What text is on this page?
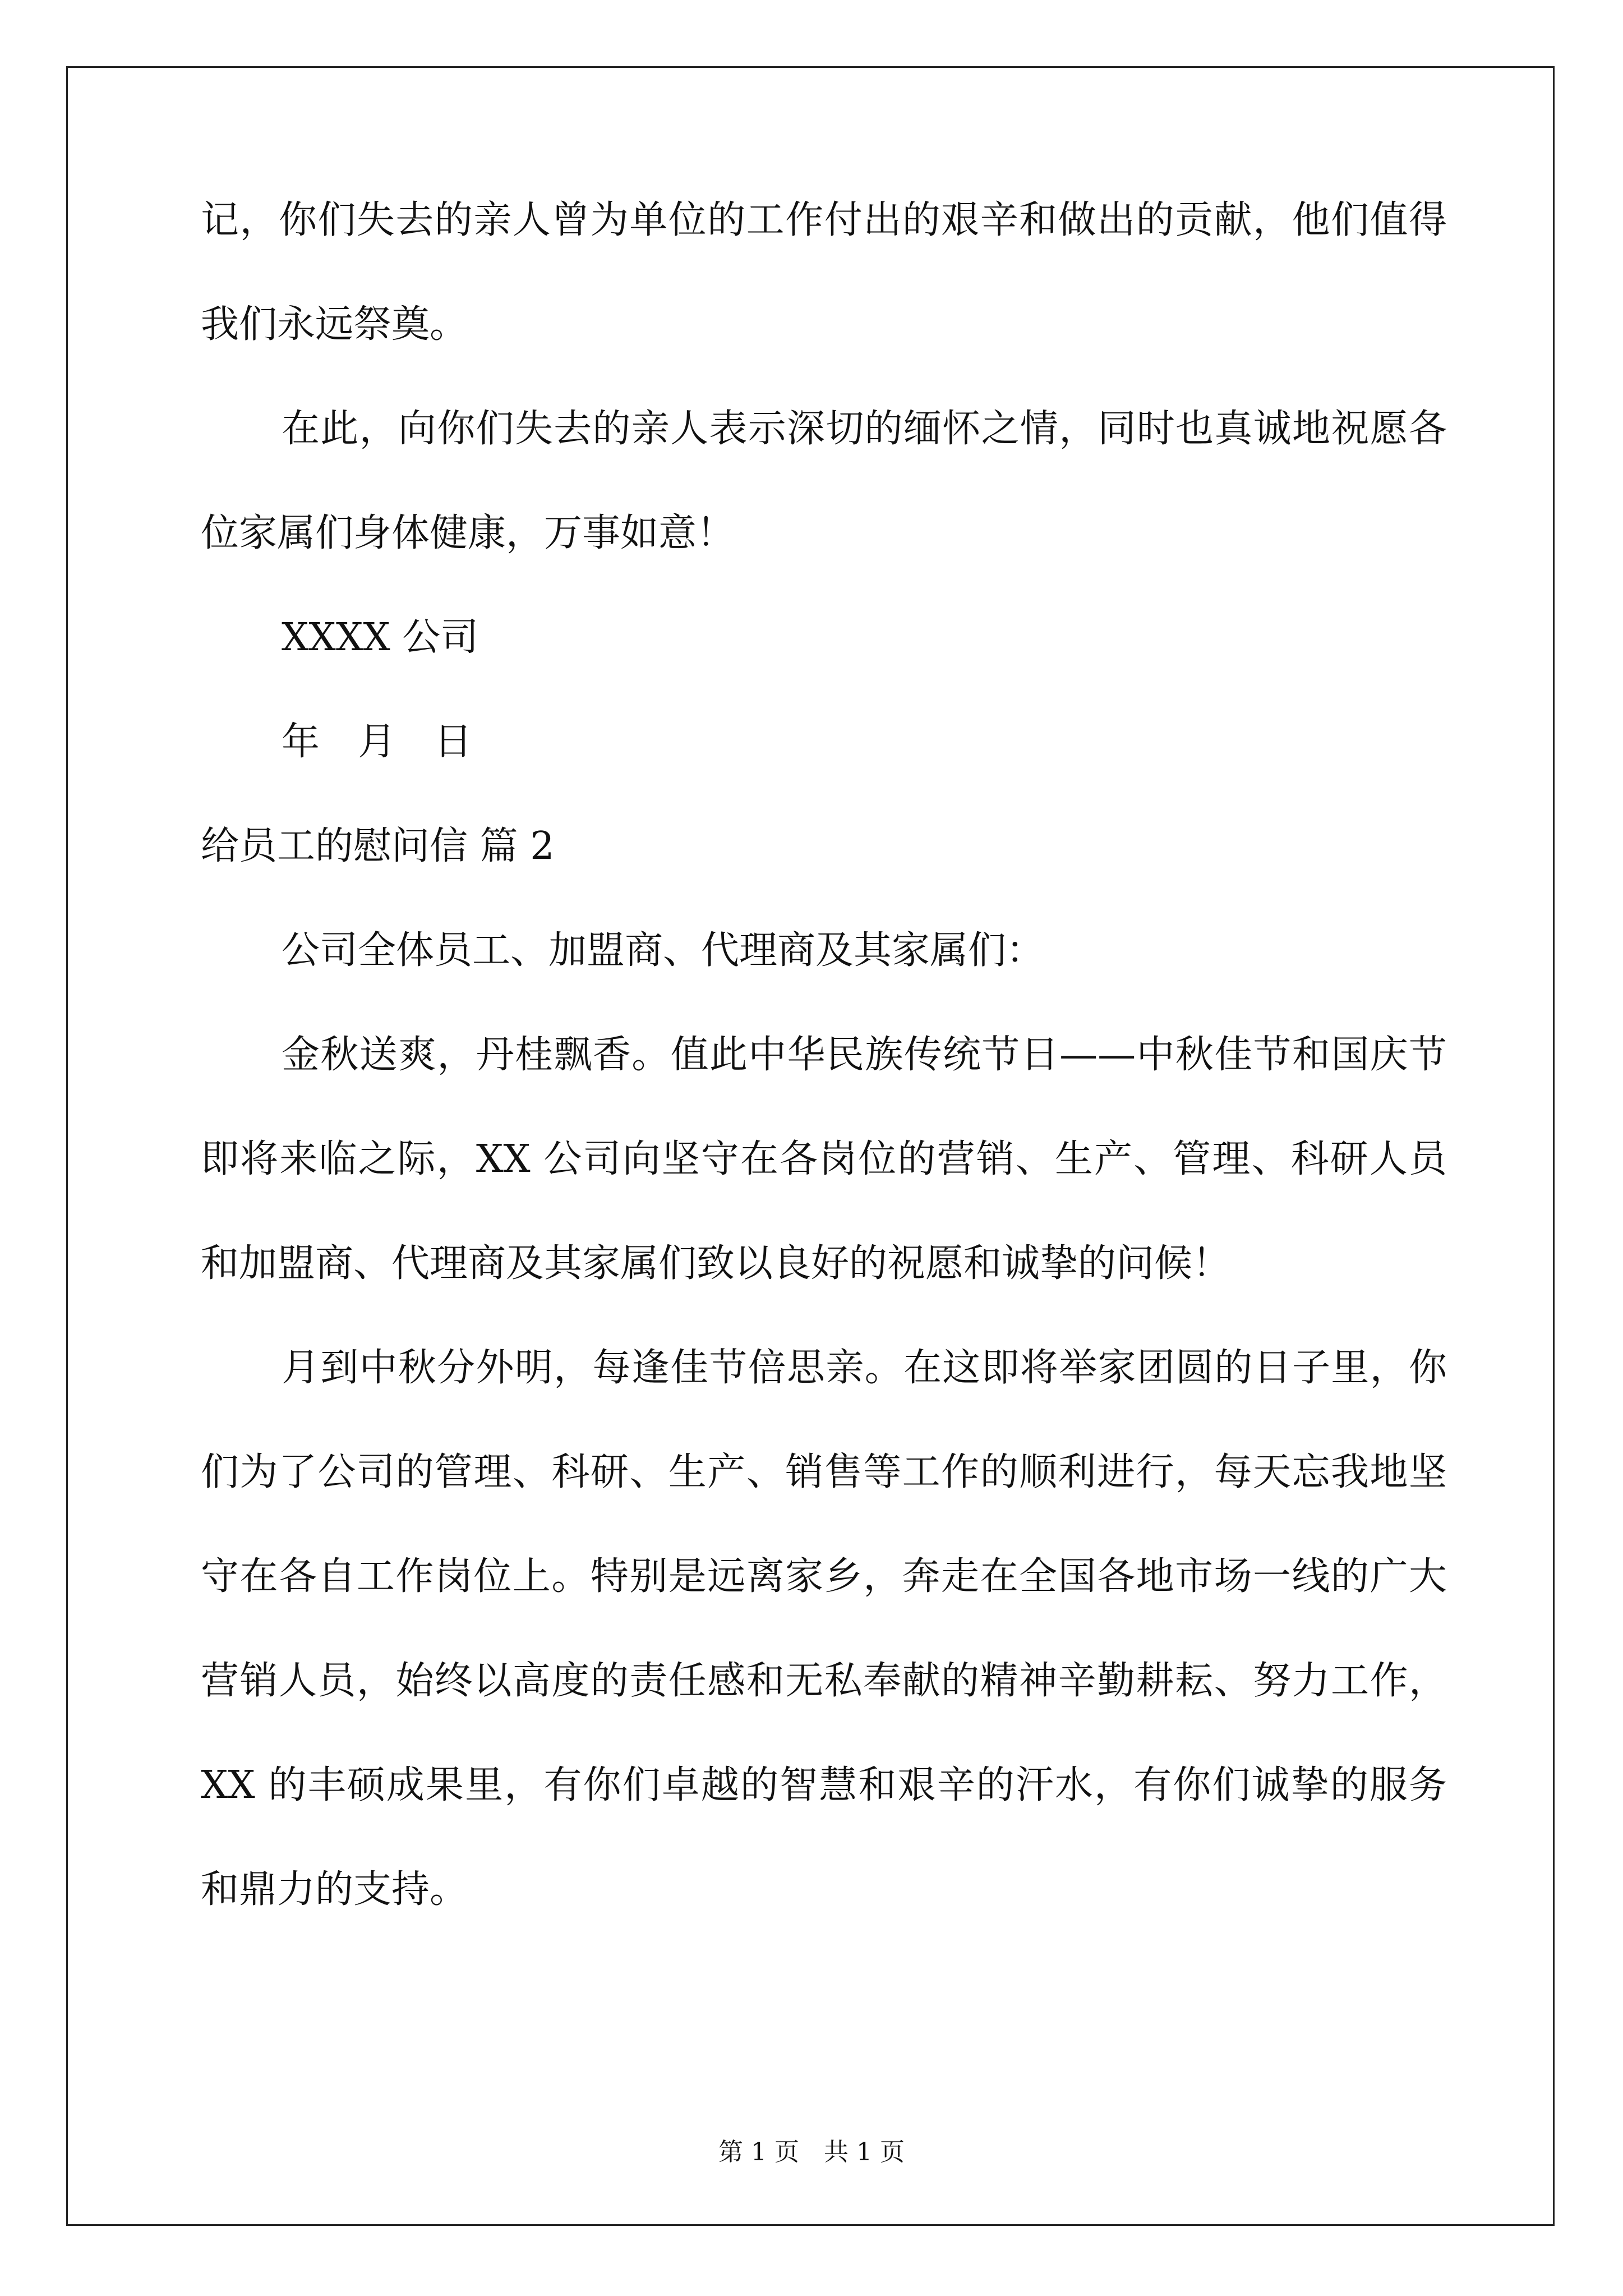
记，你们失去的亲人曾为单位的工作付出的艰辛和做出的贡献，他们值得我们永远祭奠。

在此，向你们失去的亲人表示深切的缅怀之情，同时也真诚地祝愿各位家属们身体健康，万事如意！

XXXX 公司

年　月　日

给员工的慰问信 篇 2

公司全体员工、加盟商、代理商及其家属们：

金秋送爽，丹桂飘香。值此中华民族传统节日——中秋佳节和国庆节即将来临之际，XX 公司向坚守在各岗位的营销、生产、管理、科研人员和加盟商、代理商及其家属们致以良好的祝愿和诚挚的问候！

月到中秋分外明，每逢佳节倍思亲。在这即将举家团圆的日子里，你们为了公司的管理、科研、生产、销售等工作的顺利进行，每天忘我地坚守在各自工作岗位上。特别是远离家乡，奔走在全国各地市场一线的广大营销人员，始终以高度的责任感和无私奉献的精神辛勤耕耘、努力工作，XX 的丰硕成果里，有你们卓越的智慧和艰辛的汗水，有你们诚挚的服务和鼎力的支持。

第 1 页　共 1 页
